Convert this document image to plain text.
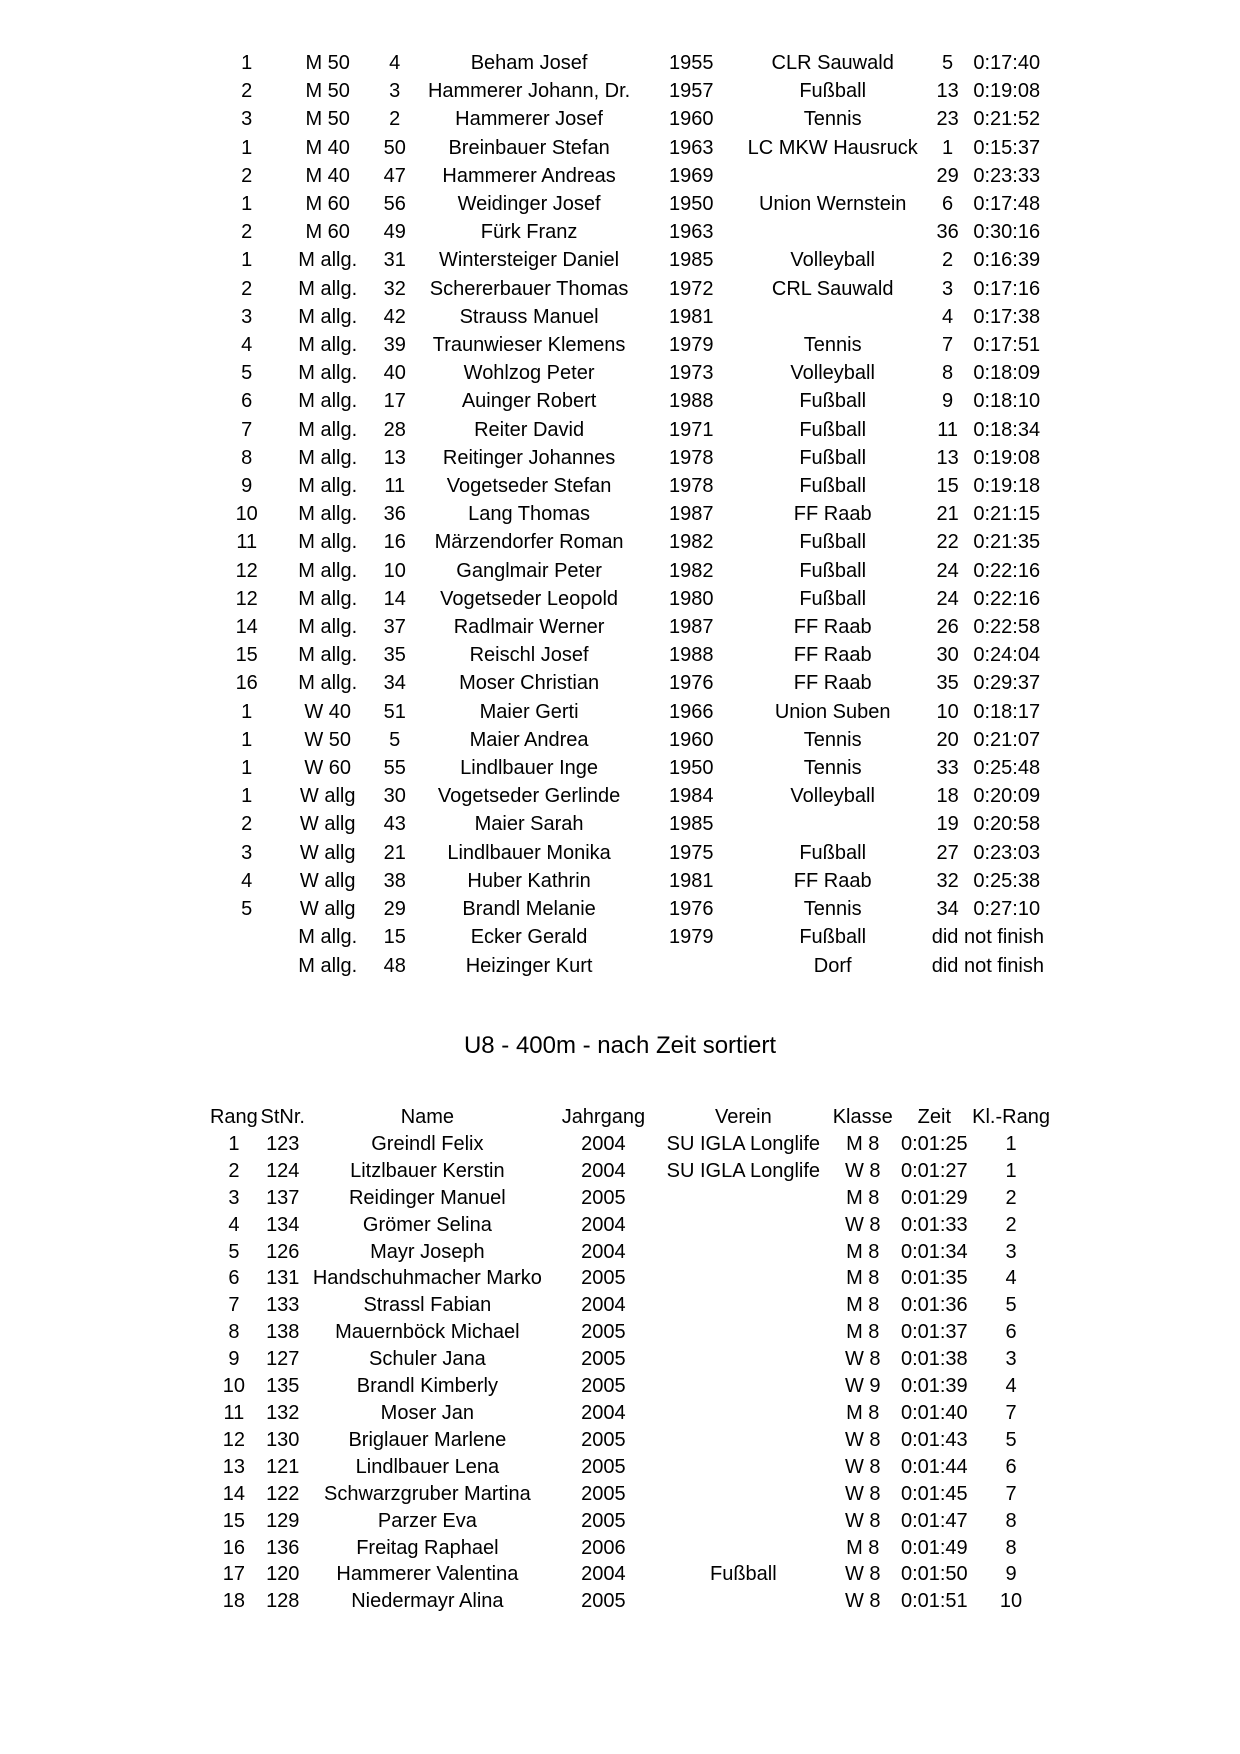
1	M 50	4	Beham Josef	1955	CLR Sauwald	5	0:17:40
2	M 50	3	Hammerer Johann, Dr.	1957	Fußball	13	0:19:08
3	M 50	2	Hammerer Josef	1960	Tennis	23	0:21:52
1	M 40	50	Breinbauer Stefan	1963	LC MKW Hausruck	1	0:15:37
2	M 40	47	Hammerer Andreas	1969		29	0:23:33
1	M 60	56	Weidinger Josef	1950	Union Wernstein	6	0:17:48
2	M 60	49	Fürk Franz	1963		36	0:30:16
1	M allg.	31	Wintersteiger Daniel	1985	Volleyball	2	0:16:39
2	M allg.	32	Schererbauer Thomas	1972	CRL Sauwald	3	0:17:16
3	M allg.	42	Strauss Manuel	1981		4	0:17:38
4	M allg.	39	Traunwieser Klemens	1979	Tennis	7	0:17:51
5	M allg.	40	Wohlzog Peter	1973	Volleyball	8	0:18:09
6	M allg.	17	Auinger Robert	1988	Fußball	9	0:18:10
7	M allg.	28	Reiter David	1971	Fußball	11	0:18:34
8	M allg.	13	Reitinger Johannes	1978	Fußball	13	0:19:08
9	M allg.	11	Vogetseder Stefan	1978	Fußball	15	0:19:18
10	M allg.	36	Lang Thomas	1987	FF Raab	21	0:21:15
11	M allg.	16	Märzendorfer Roman	1982	Fußball	22	0:21:35
12	M allg.	10	Ganglmair Peter	1982	Fußball	24	0:22:16
12	M allg.	14	Vogetseder Leopold	1980	Fußball	24	0:22:16
14	M allg.	37	Radlmair Werner	1987	FF Raab	26	0:22:58
15	M allg.	35	Reischl Josef	1988	FF Raab	30	0:24:04
16	M allg.	34	Moser Christian	1976	FF Raab	35	0:29:37
1	W 40	51	Maier Gerti	1966	Union Suben	10	0:18:17
1	W 50	5	Maier Andrea	1960	Tennis	20	0:21:07
1	W 60	55	Lindlbauer Inge	1950	Tennis	33	0:25:48
1	W allg	30	Vogetseder Gerlinde	1984	Volleyball	18	0:20:09
2	W allg	43	Maier Sarah	1985		19	0:20:58
3	W allg	21	Lindlbauer Monika	1975	Fußball	27	0:23:03
4	W allg	38	Huber Kathrin	1981	FF Raab	32	0:25:38
5	W allg	29	Brandl Melanie	1976	Tennis	34	0:27:10
	M allg.	15	Ecker Gerald	1979	Fußball	did not finish	
	M allg.	48	Heizinger Kurt		Dorf	did not finish	
U8 - 400m - nach Zeit sortiert
Rang	StNr.	Name	Jahrgang	Verein	Klasse	Zeit	Kl.-Rang
1	123	Greindl Felix	2004	SU IGLA Longlife	M 8	0:01:25	1
2	124	Litzlbauer Kerstin	2004	SU IGLA Longlife	W 8	0:01:27	1
3	137	Reidinger Manuel	2005		M 8	0:01:29	2
4	134	Grömer Selina	2004		W 8	0:01:33	2
5	126	Mayr Joseph	2004		M 8	0:01:34	3
6	131	Handschuhmacher Marko	2005		M 8	0:01:35	4
7	133	Strassl Fabian	2004		M 8	0:01:36	5
8	138	Mauernböck Michael	2005		M 8	0:01:37	6
9	127	Schuler Jana	2005		W 8	0:01:38	3
10	135	Brandl Kimberly	2005		W 9	0:01:39	4
11	132	Moser Jan	2004		M 8	0:01:40	7
12	130	Briglauer Marlene	2005		W 8	0:01:43	5
13	121	Lindlbauer Lena	2005		W 8	0:01:44	6
14	122	Schwarzgruber Martina	2005		W 8	0:01:45	7
15	129	Parzer Eva	2005		W 8	0:01:47	8
16	136	Freitag Raphael	2006		M 8	0:01:49	8
17	120	Hammerer Valentina	2004	Fußball	W 8	0:01:50	9
18	128	Niedermayr Alina	2005		W 8	0:01:51	10
